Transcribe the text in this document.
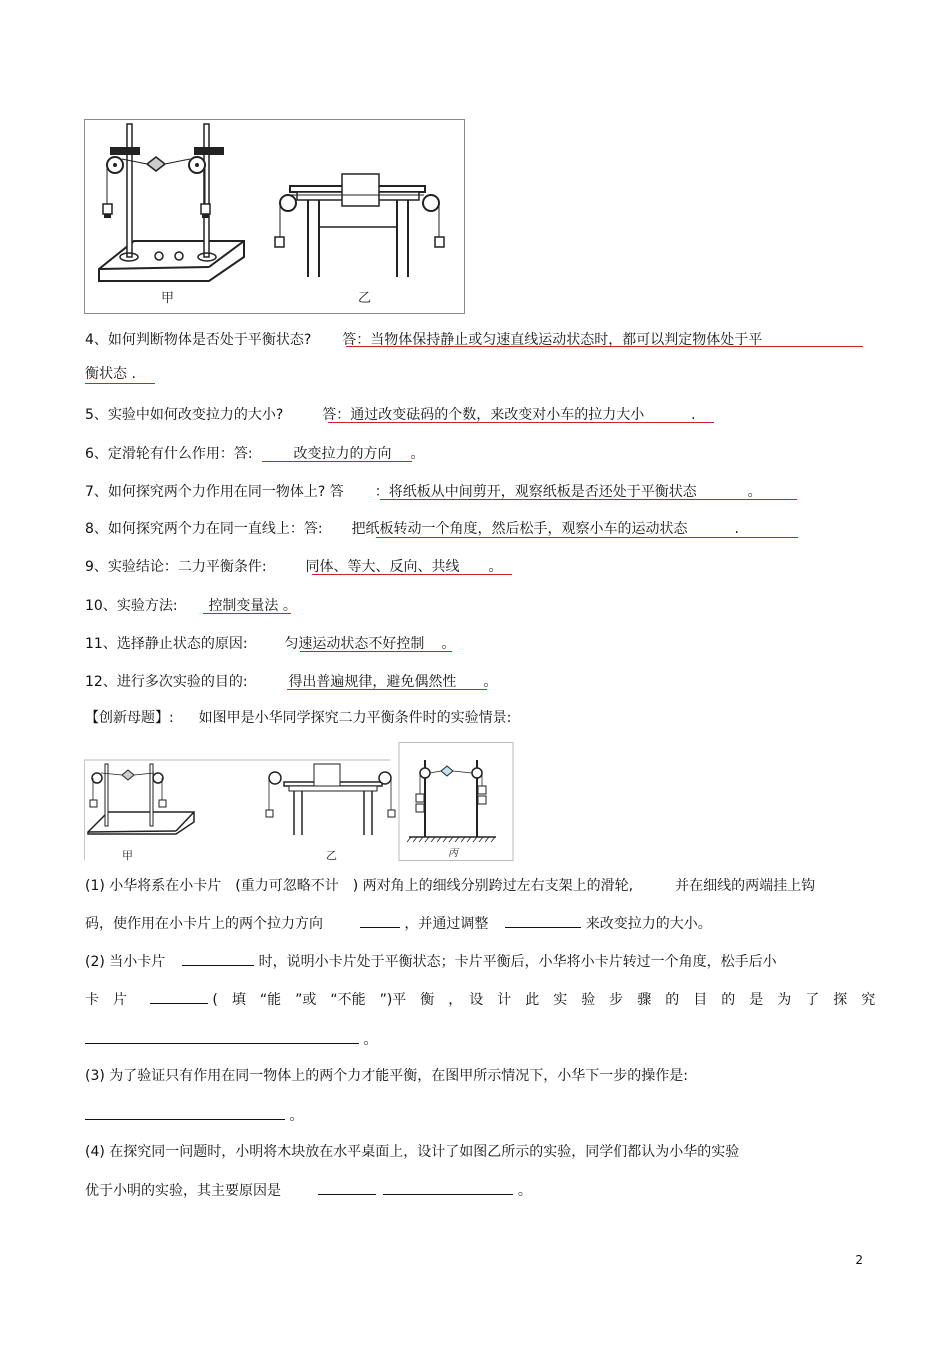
甲	乙
4、如何判断物体是否处于平衡状态? 答：当物体保持静止或匀速直线运动状态时，都可以判定物体处于平
衡状态 .
5、实验中如何改变拉力的大小?	答：通过改变砝码的个数，来改变对小车的拉力大小	.
6、定滑轮有什么作用：答:	改变拉力的方向 。
7、如何探究两个力作用在同一物体上? 答 ：将纸板从中间剪开，观察纸板是否还处于平衡状态	。
8、如何探究两个力在同一直线上：答: 把纸板转动一个角度，然后松手，观察小车的运动状态	.
9、实验结论：二力平衡条件:	同体、等大、反向、共线 。
10、实验方法: 控制变量法 。
11、选择静止状态的原因:	匀速运动状态不好控制 。
12、进行多次实验的目的:	得出普遍规律，避免偶然性 。
【创新母题】: 如图甲是小华同学探究二力平衡条件时的实验情景:
甲	乙	丙
(1) 小华将系在小卡片　(重力可忽略不计　) 两对角上的细线分别跨过左右支架上的滑轮,　　　并在细线的两端挂上钩
码，使作用在小卡片上的两个拉力方向	，并通过调整	来改变拉力的大小。
(2) 当小卡片	时，说明小卡片处于平衡状态；卡片平衡后，小华将小卡片转过一个角度，松手后小
卡　片	(　填　“能　”或　“不能　”)平　衡　，　设　计　此　实　验　步　骤　的　目　的　是　为　了　探　究
。
(3) 为了验证只有作用在同一物体上的两个力才能平衡，在图甲所示情况下，小华下一步的操作是:
。
(4) 在探究同一问题时，小明将木块放在水平桌面上，设计了如图乙所示的实验，同学们都认为小华的实验
优于小明的实验，其主要原因是	。
2
